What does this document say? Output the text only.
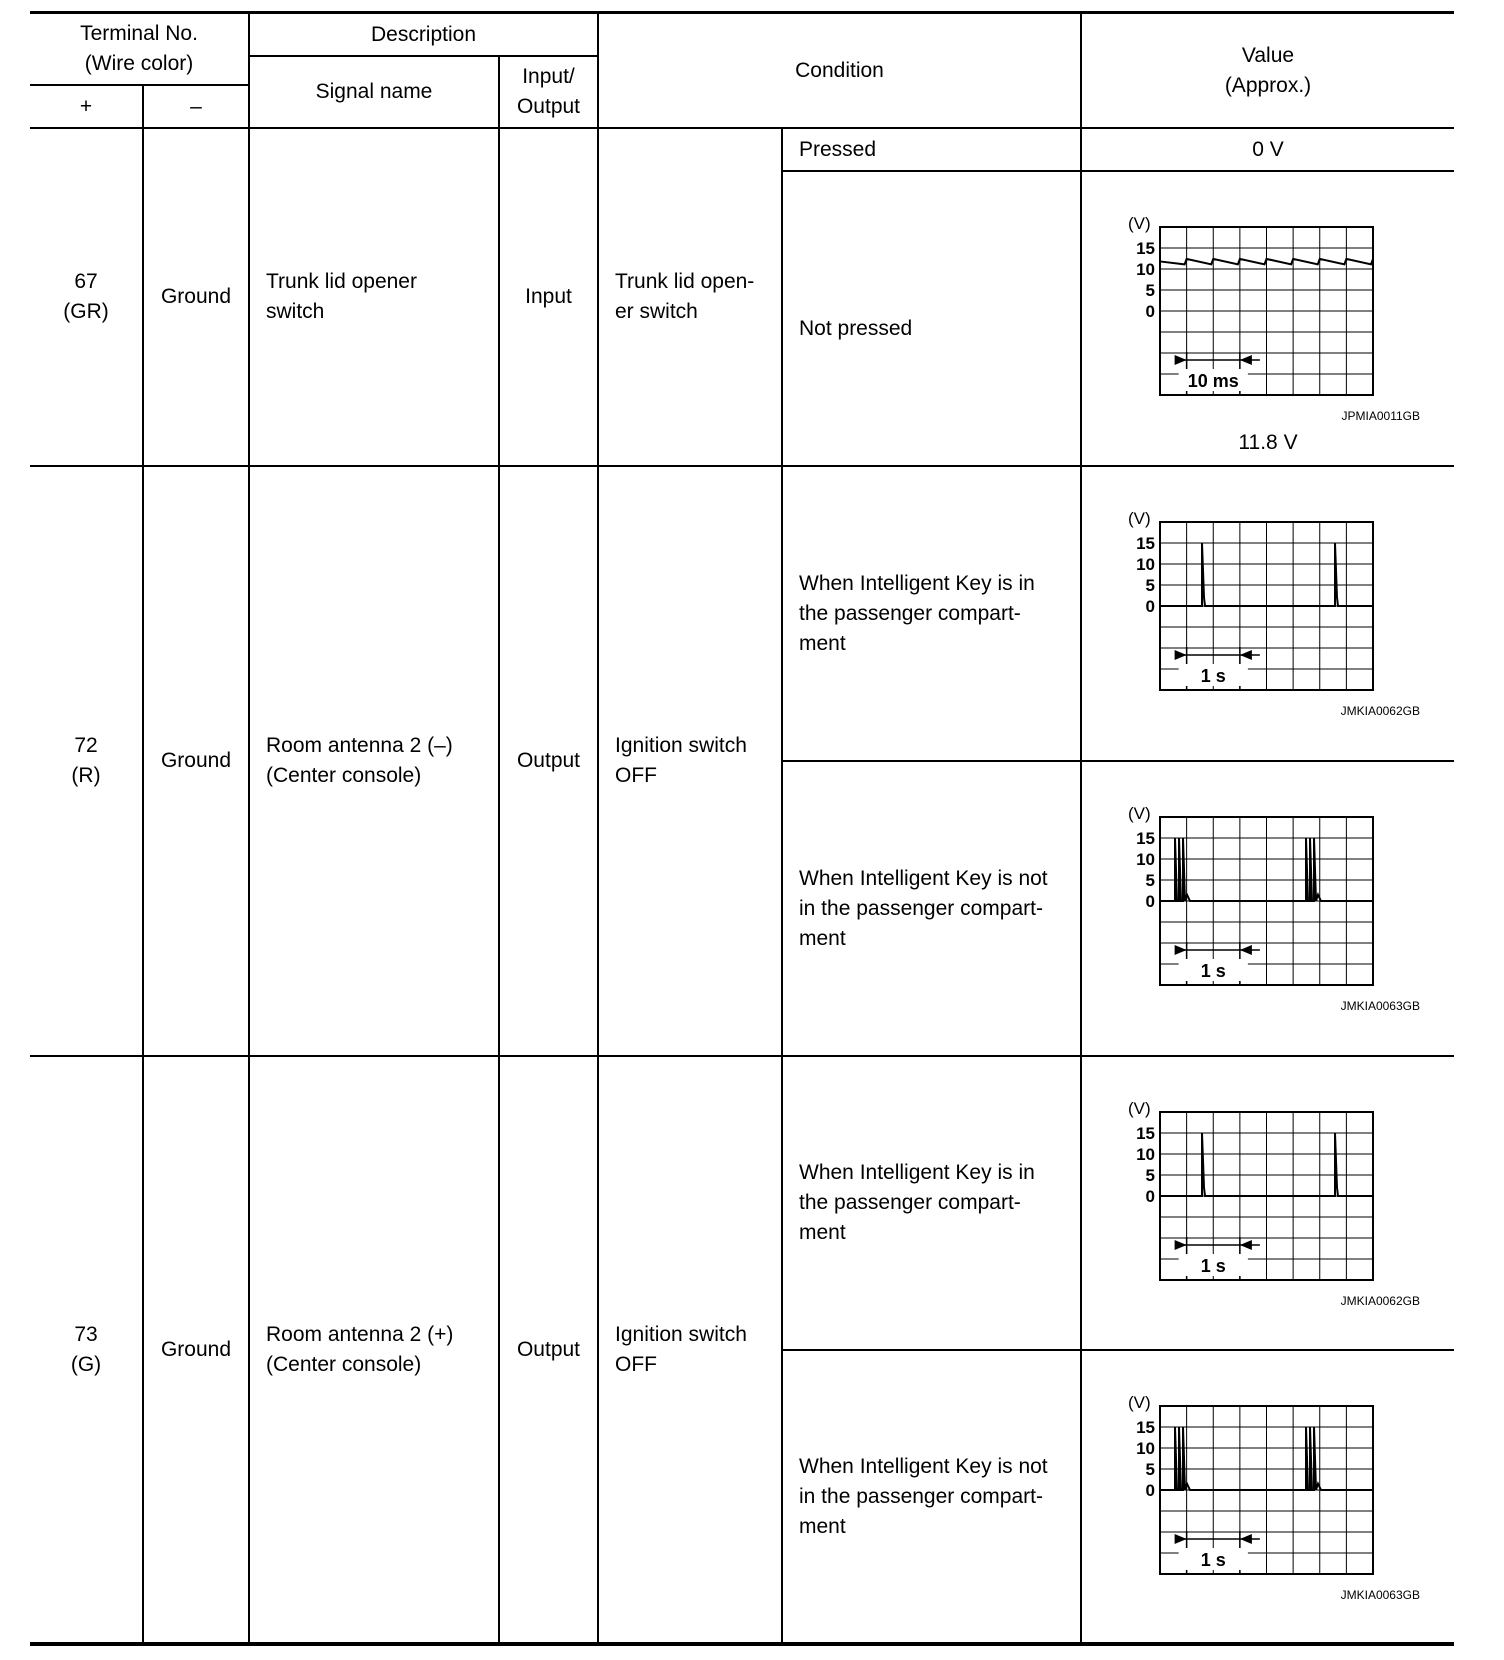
Terminal No.
(Wire color)
+	–
Description
Signal name
Input/
Output
Condition
Value
(Approx.)
67
(GR)
Ground
Trunk lid opener
switch
Input
Trunk lid open-
er switch
Pressed	0 V
Not pressed
(V)
15
10
5
0
10 ms
JPMIA0011GB
11.8 V
72
(R)
Ground
Room antenna 2 (–)
(Center console)
Output
Ignition switch
OFF
When Intelligent Key is in
the passenger compart-
ment
(V)
15
10
5
0
1 s
JMKIA0062GB
When Intelligent Key is not
in the passenger compart-
ment
(V)
15
10
5
0
1 s
JMKIA0063GB
73
(G)
Ground
Room antenna 2 (+)
(Center console)
Output
Ignition switch
OFF
When Intelligent Key is in
the passenger compart-
ment
(V)
15
10
5
0
1 s
JMKIA0062GB
When Intelligent Key is not
in the passenger compart-
ment
(V)
15
10
5
0
1 s
JMKIA0063GB
